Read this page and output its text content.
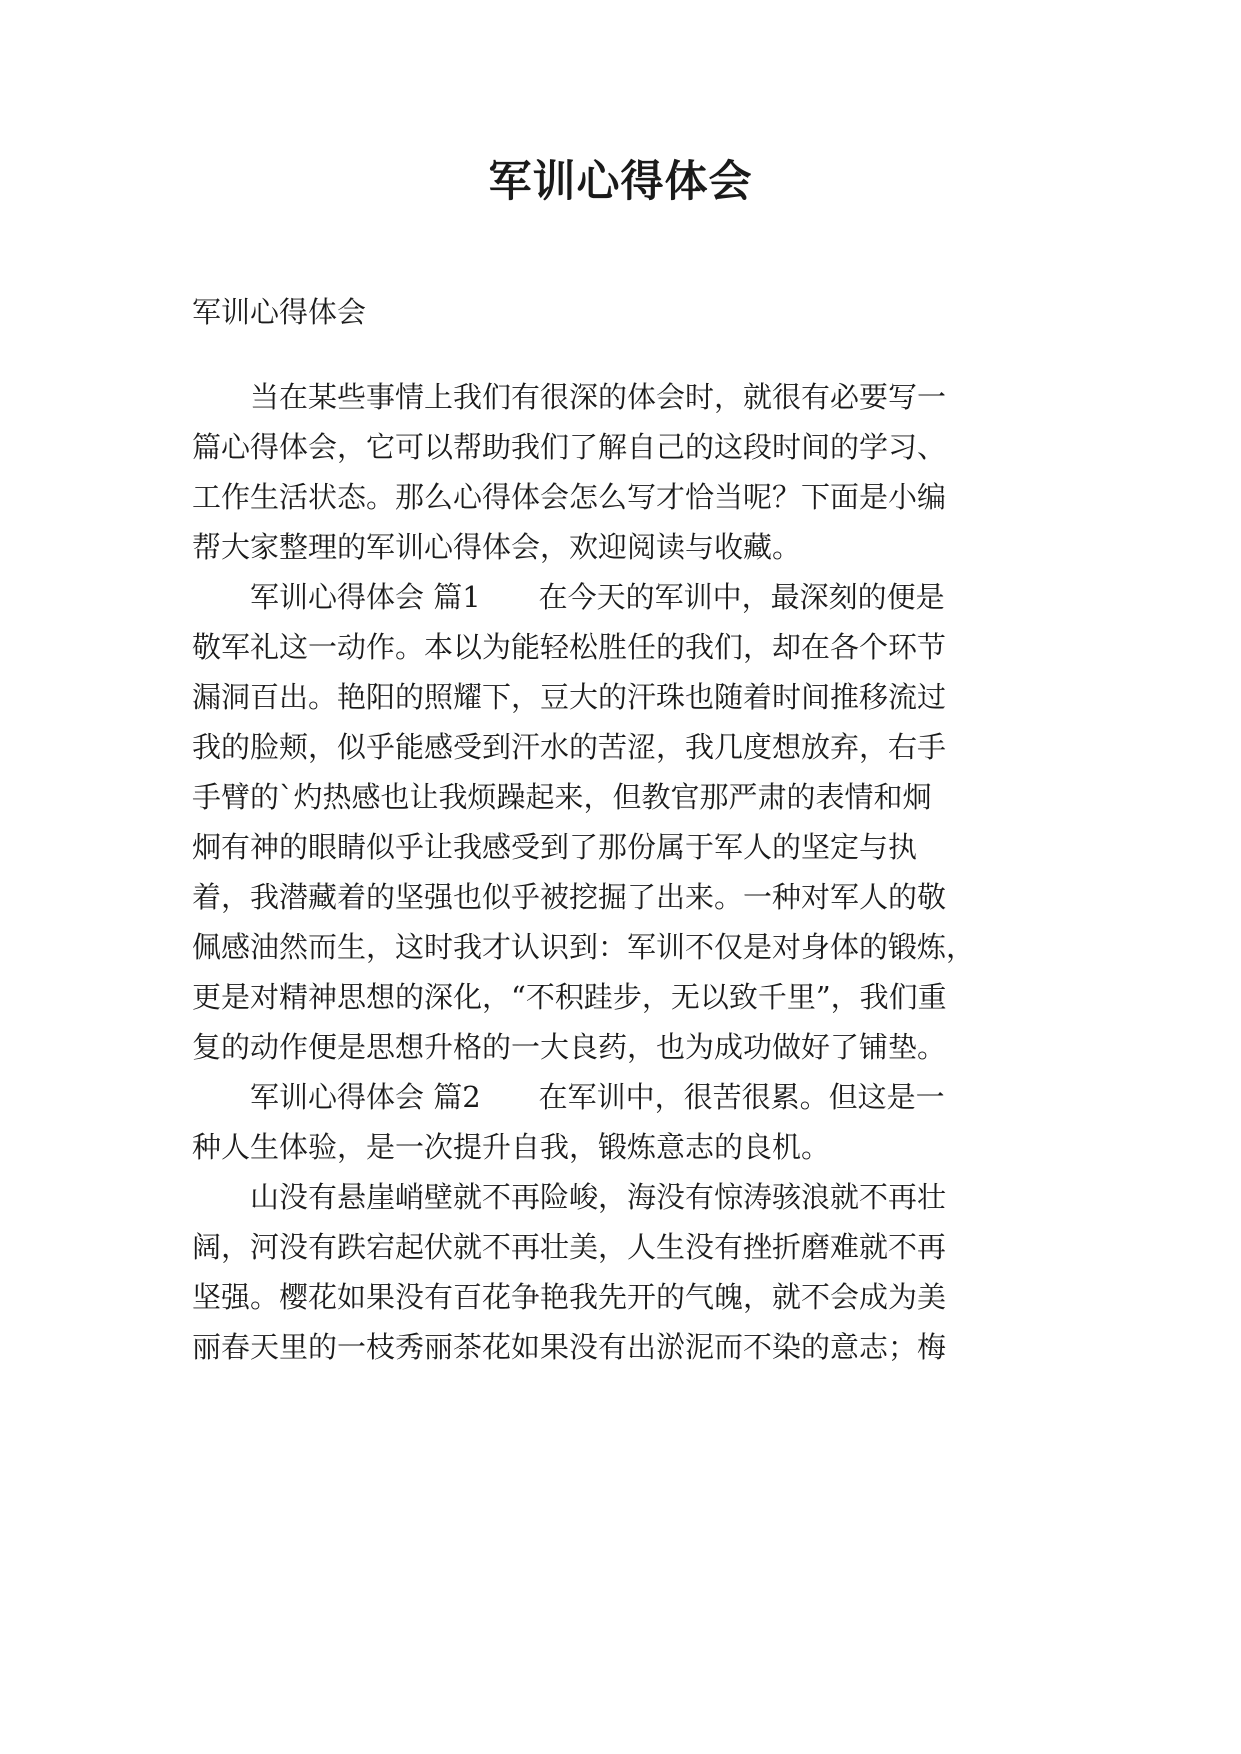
军训心得体会

军训心得体会

　　当在某些事情上我们有很深的体会时，就很有必要写一

篇心得体会，它可以帮助我们了解自己的这段时间的学习、

工作生活状态。那么心得体会怎么写才恰当呢？下面是小编

帮大家整理的军训心得体会，欢迎阅读与收藏。

　　军训心得体会 篇1　　在今天的军训中，最深刻的便是

敬军礼这一动作。本以为能轻松胜任的我们，却在各个环节

漏洞百出。艳阳的照耀下，豆大的汗珠也随着时间推移流过

我的脸颊，似乎能感受到汗水的苦涩，我几度想放弃，右手

手臂的`灼热感也让我烦躁起来，但教官那严肃的表情和炯

炯有神的眼睛似乎让我感受到了那份属于军人的坚定与执

着，我潜藏着的坚强也似乎被挖掘了出来。一种对军人的敬

佩感油然而生，这时我才认识到：军训不仅是对身体的锻炼，

更是对精神思想的深化，“不积跬步，无以致千里”，我们重

复的动作便是思想升格的一大良药，也为成功做好了铺垫。

　　军训心得体会 篇2　　在军训中，很苦很累。但这是一

种人生体验，是一次提升自我，锻炼意志的良机。

　　山没有悬崖峭壁就不再险峻，海没有惊涛骇浪就不再壮

阔，河没有跌宕起伏就不再壮美，人生没有挫折磨难就不再

坚强。樱花如果没有百花争艳我先开的气魄，就不会成为美

丽春天里的一枝秀丽茶花如果没有出淤泥而不染的意志；梅
